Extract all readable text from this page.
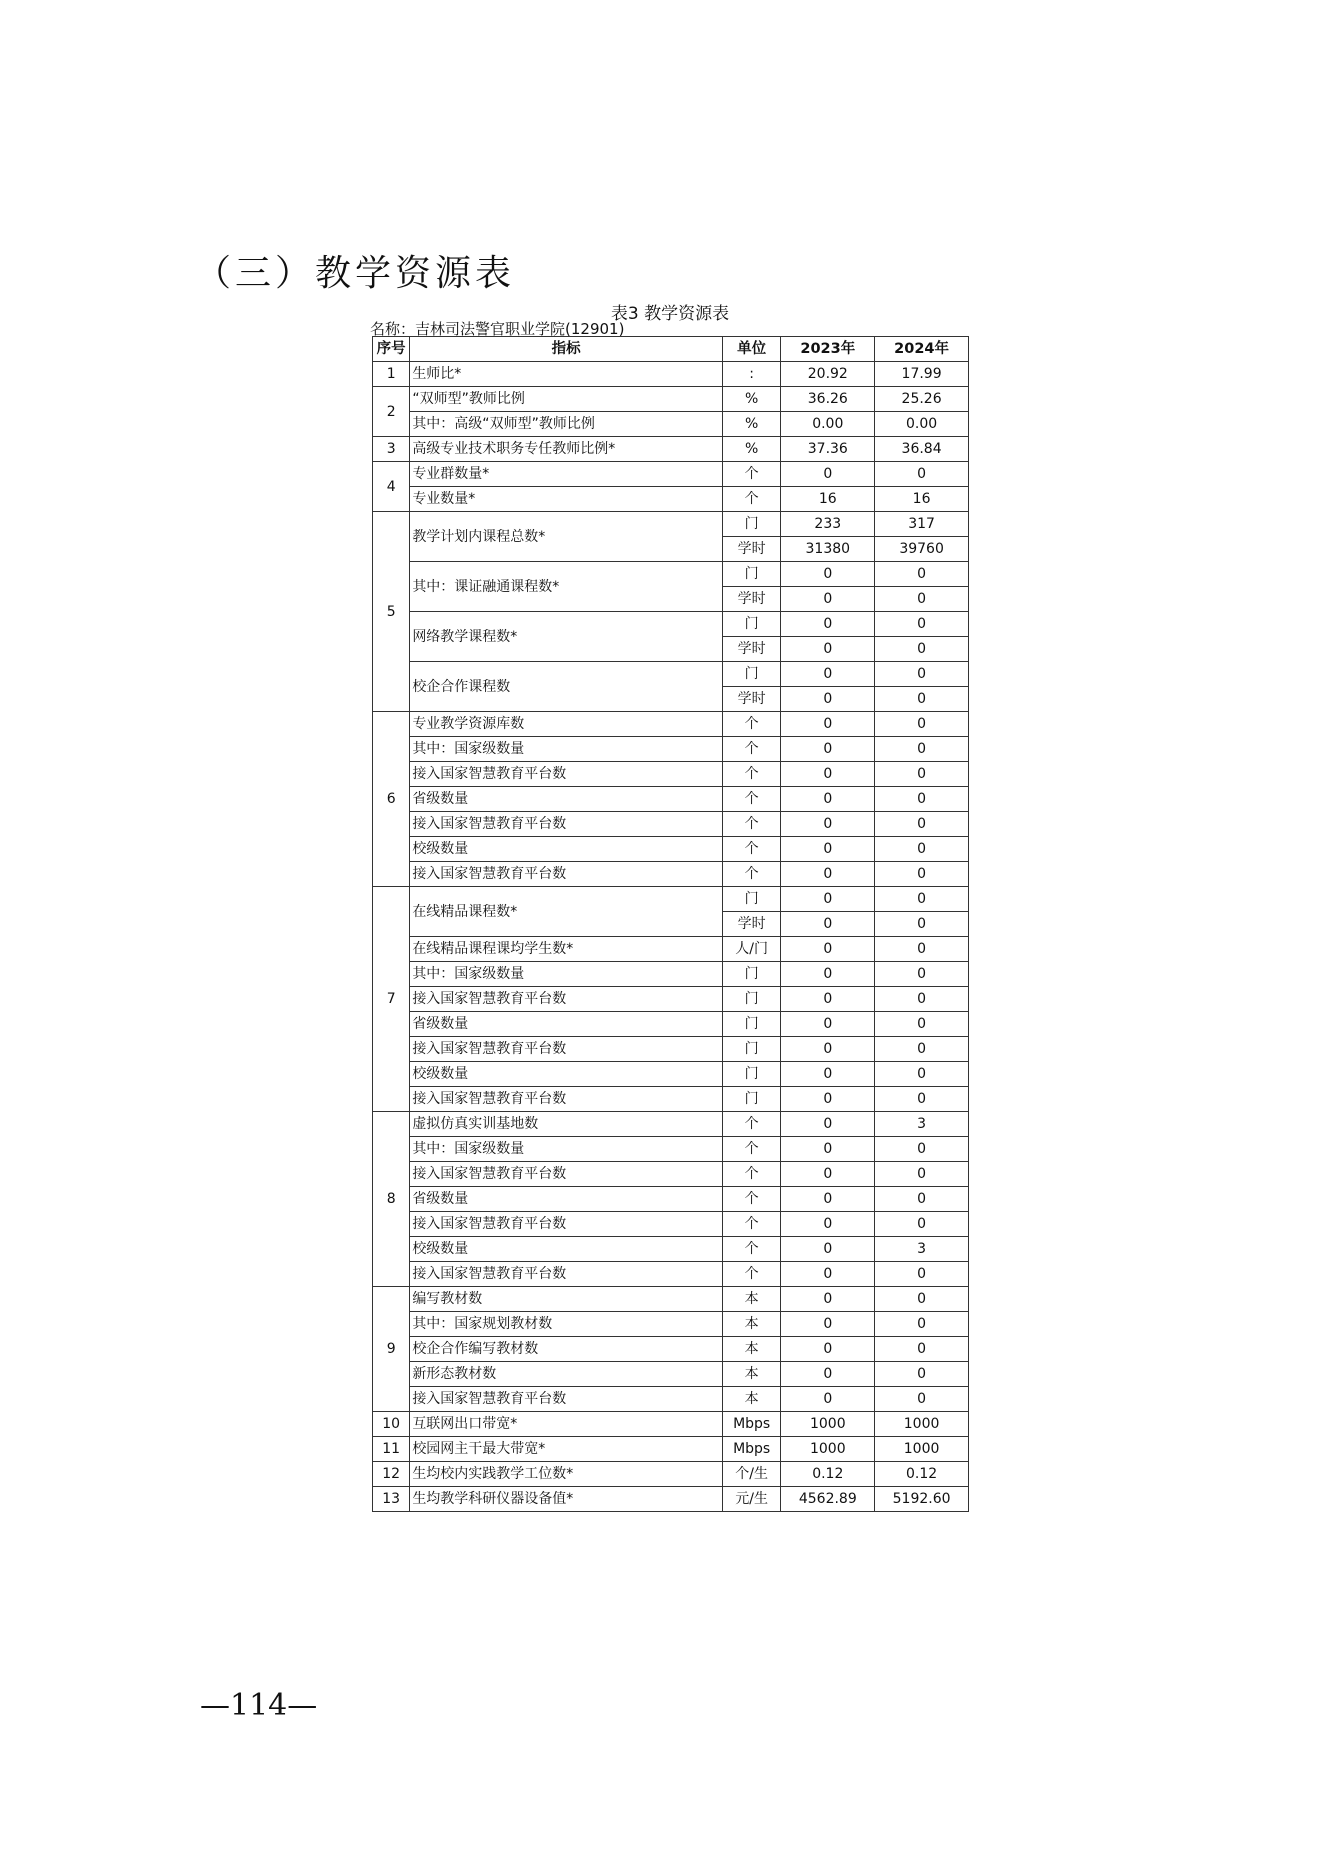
（三）教学资源表
表3 教学资源表
名称：吉林司法警官职业学院(12901)
序号	指标	单位	2023年	2024年
1	生师比*	:	20.92	17.99
2	“双师型”教师比例	%	36.26	25.26
	其中：高级“双师型”教师比例	%	0.00	0.00
3	高级专业技术职务专任教师比例*	%	37.36	36.84
4	专业群数量*	个	0	0
	专业数量*	个	16	16
5	教学计划内课程总数*	门	233	317
		学时	31380	39760
	其中：课证融通课程数*	门	0	0
		学时	0	0
	网络教学课程数*	门	0	0
		学时	0	0
	校企合作课程数	门	0	0
		学时	0	0
6	专业教学资源库数	个	0	0
	其中：国家级数量	个	0	0
	接入国家智慧教育平台数	个	0	0
	省级数量	个	0	0
	接入国家智慧教育平台数	个	0	0
	校级数量	个	0	0
	接入国家智慧教育平台数	个	0	0
7	在线精品课程数*	门	0	0
		学时	0	0
	在线精品课程课均学生数*	人/门	0	0
	其中：国家级数量	门	0	0
	接入国家智慧教育平台数	门	0	0
	省级数量	门	0	0
	接入国家智慧教育平台数	门	0	0
	校级数量	门	0	0
	接入国家智慧教育平台数	门	0	0
8	虚拟仿真实训基地数	个	0	3
	其中：国家级数量	个	0	0
	接入国家智慧教育平台数	个	0	0
	省级数量	个	0	0
	接入国家智慧教育平台数	个	0	0
	校级数量	个	0	3
	接入国家智慧教育平台数	个	0	0
9	编写教材数	本	0	0
	其中：国家规划教材数	本	0	0
	校企合作编写教材数	本	0	0
	新形态教材数	本	0	0
	接入国家智慧教育平台数	本	0	0
10	互联网出口带宽*	Mbps	1000	1000
11	校园网主干最大带宽*	Mbps	1000	1000
12	生均校内实践教学工位数*	个/生	0.12	0.12
13	生均教学科研仪器设备值*	元/生	4562.89	5192.60
—114—
